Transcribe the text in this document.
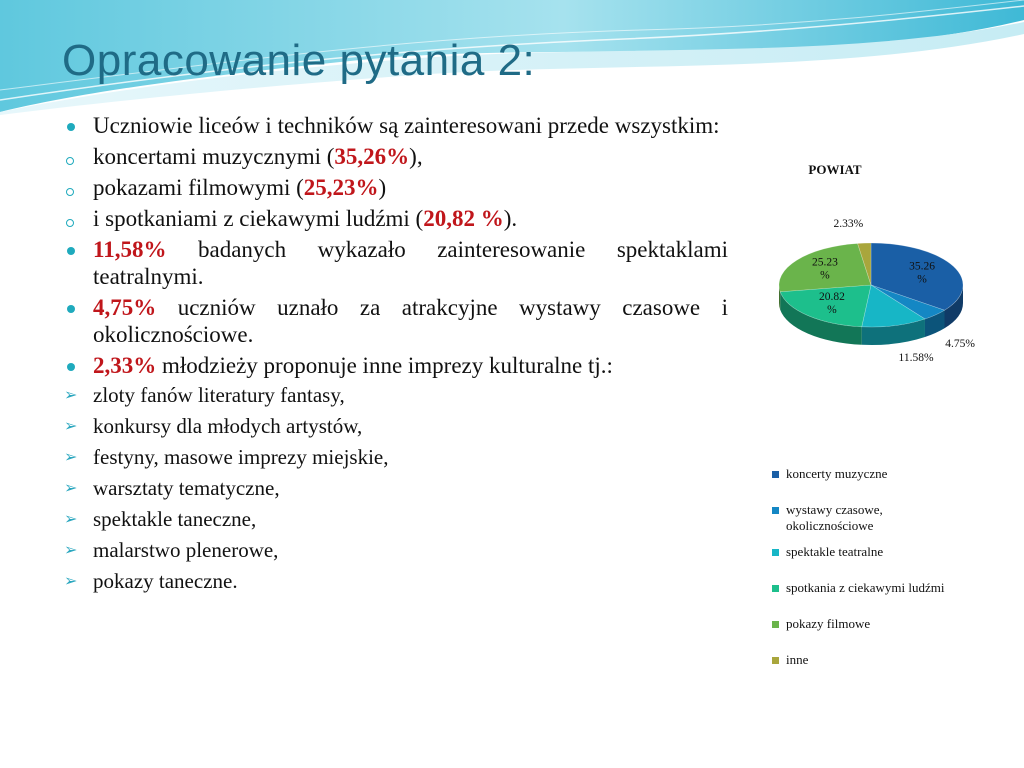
Opracowanie pytania 2:
Uczniowie liceów i techników są zainteresowani przede wszystkim:
koncertami muzycznymi (35,26%),
pokazami filmowymi (25,23%)
i spotkaniami z ciekawymi ludźmi (20,82 %).
11,58% badanych wykazało zainteresowanie spektaklami teatralnymi.
4,75% uczniów uznało za atrakcyjne wystawy czasowe i okolicznościowe.
2,33% młodzieży proponuje inne imprezy kulturalne tj.:
➢ zloty fanów literatury fantasy,
➢ konkursy dla młodych artystów,
➢ festyny, masowe imprezy miejskie,
➢ warsztaty tematyczne,
➢ spektakle taneczne,
➢ malarstwo plenerowe,
➢ pokazy taneczne.
POWIAT
35.26 %
4.75%
11.58%
20.82 %
25.23 %
2.33%
koncerty muzyczne
wystawy czasowe,
okolicznościowe
spektakle teatralne
spotkania z ciekawymi ludźmi
pokazy filmowe
inne
